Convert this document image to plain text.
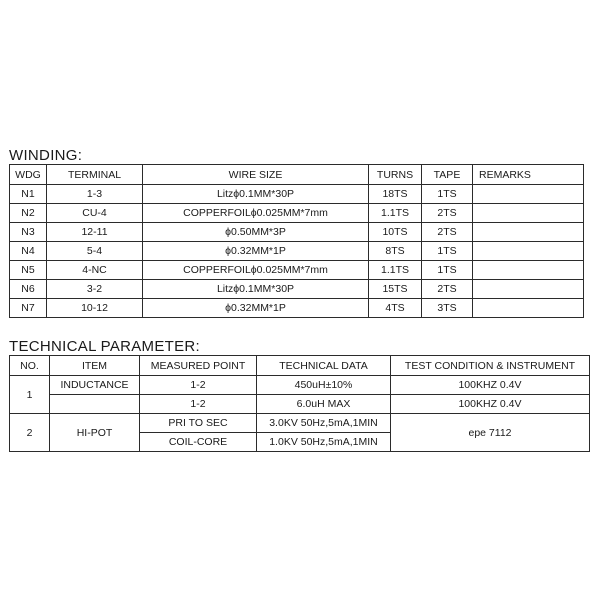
WINDING:
WDG	TERMINAL	WIRE SIZE	TURNS	TAPE	REMARKS
N1	1-3	Litzϕ0.1MM*30P	18TS	1TS	
N2	CU-4	COPPERFOILϕ0.025MM*7mm	1.1TS	2TS	
N3	12-11	ϕ0.50MM*3P	10TS	2TS	
N4	5-4	ϕ0.32MM*1P	8TS	1TS	
N5	4-NC	COPPERFOILϕ0.025MM*7mm	1.1TS	1TS	
N6	3-2	Litzϕ0.1MM*30P	15TS	2TS	
N7	10-12	ϕ0.32MM*1P	4TS	3TS	
TECHNICAL PARAMETER:
NO.	ITEM	MEASURED POINT	TECHNICAL DATA	TEST CONDITION & INSTRUMENT
1	INDUCTANCE	1-2	450uH±10%	100KHZ 0.4V
		1-2	6.0uH MAX	100KHZ 0.4V
2	HI-POT	PRI TO SEC	3.0KV 50Hz,5mA,1MIN	epe 7112
		COIL-CORE	1.0KV 50Hz,5mA,1MIN	
